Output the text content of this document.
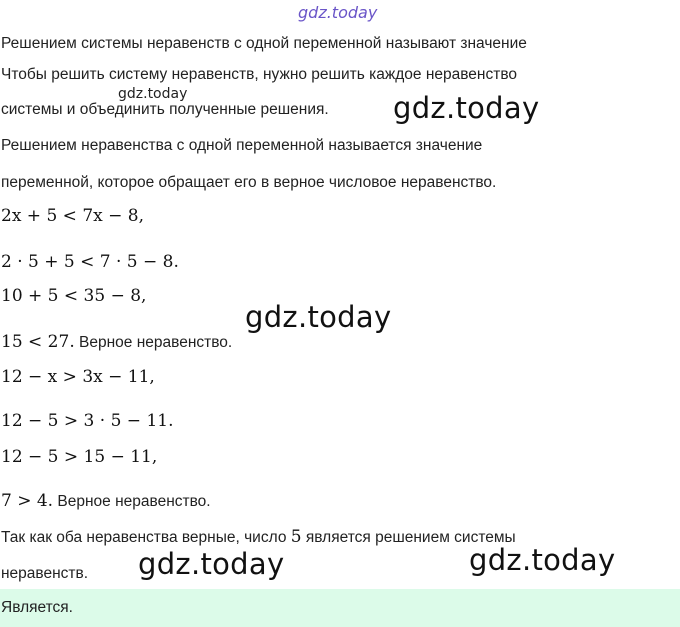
gdz.today
gdz.today	gdz.today
gdz.today
gdz.today	gdz.today
Решением системы неравенств с одной переменной называют значение
Чтобы решить систему неравенств, нужно решить каждое неравенство
системы и объединить полученные решения.
Решением неравенства с одной переменной называется значение
переменной, которое обращает его в верное числовое неравенство.
2x + 5 < 7x − 8,
2 · 5 + 5 < 7 · 5 − 8.
10 + 5 < 35 − 8,
15 < 27. Верное неравенство.
12 − x > 3x − 11,
12 − 5 > 3 · 5 − 11.
12 − 5 > 15 − 11,
7 > 4. Верное неравенство.
Так как оба неравенства верные, число 5 является решением системы
неравенств.
Является.
